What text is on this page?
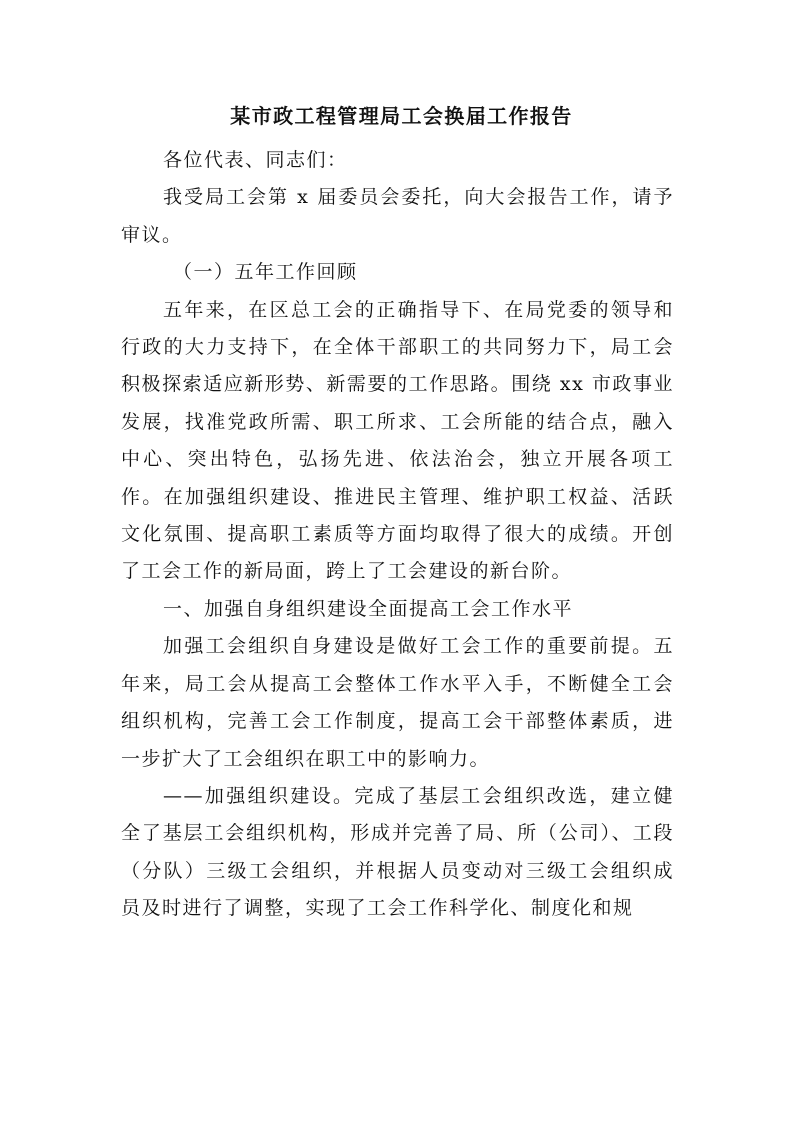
某市政工程管理局工会换届工作报告

各位代表、同志们：

我受局工会第 x 届委员会委托，向大会报告工作，请予审议。

（一）五年工作回顾

五年来，在区总工会的正确指导下、在局党委的领导和行政的大力支持下，在全体干部职工的共同努力下，局工会积极探索适应新形势、新需要的工作思路。围绕 xx 市政事业发展，找准党政所需、职工所求、工会所能的结合点，融入中心、突出特色，弘扬先进、依法治会，独立开展各项工作。在加强组织建设、推进民主管理、维护职工权益、活跃文化氛围、提高职工素质等方面均取得了很大的成绩。开创了工会工作的新局面，跨上了工会建设的新台阶。

一、加强自身组织建设全面提高工会工作水平

加强工会组织自身建设是做好工会工作的重要前提。五年来，局工会从提高工会整体工作水平入手，不断健全工会组织机构，完善工会工作制度，提高工会干部整体素质，进一步扩大了工会组织在职工中的影响力。

——加强组织建设。完成了基层工会组织改选，建立健全了基层工会组织机构，形成并完善了局、所（公司）、工段（分队）三级工会组织，并根据人员变动对三级工会组织成员及时进行了调整，实现了工会工作科学化、制度化和规
